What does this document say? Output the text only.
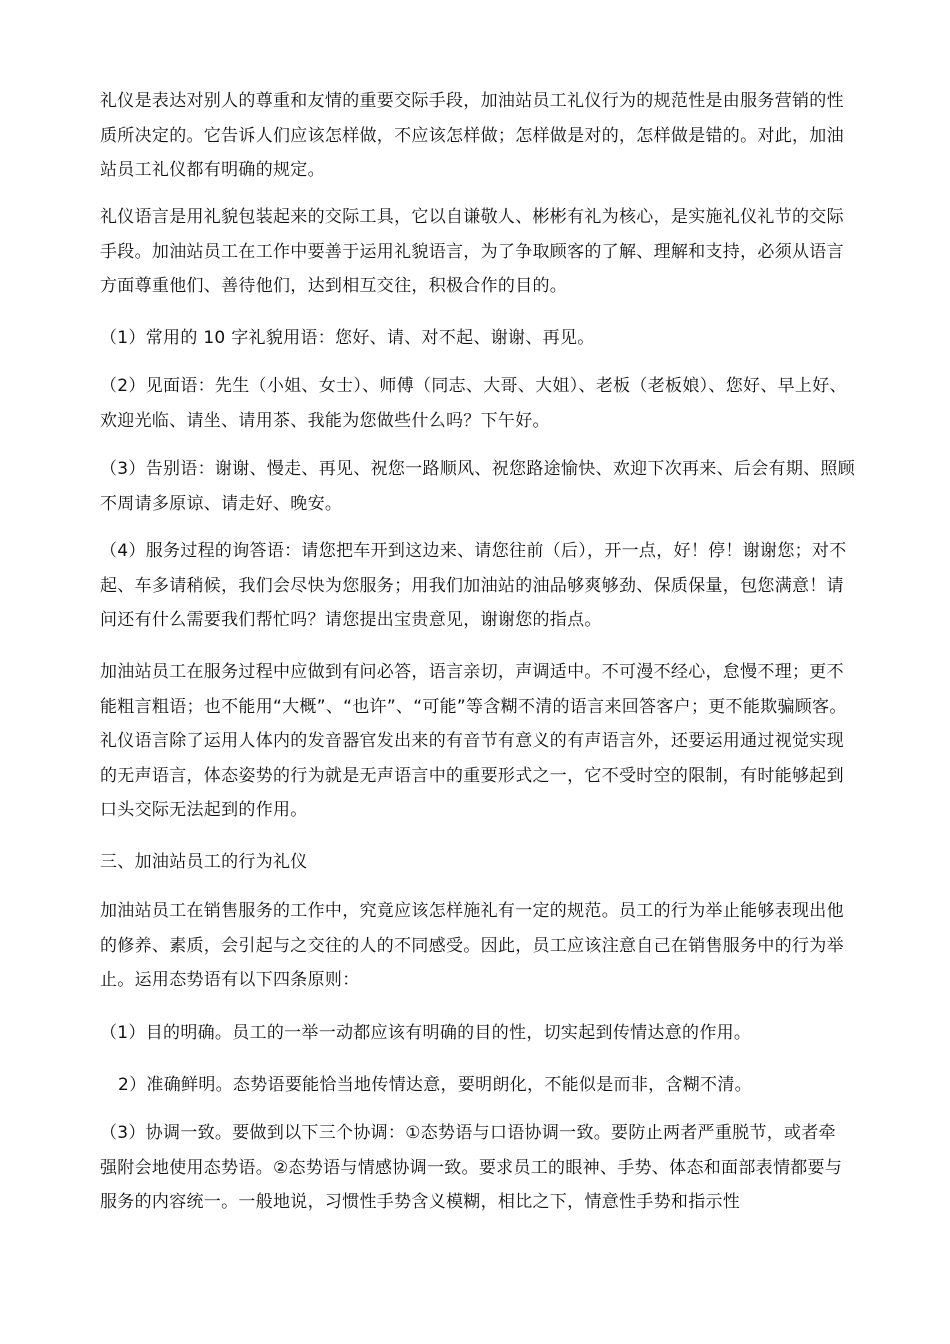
礼仪是表达对别人的尊重和友情的重要交际手段，加油站员工礼仪行为的规范性是由服务营销的性质所决定的。它告诉人们应该怎样做，不应该怎样做；怎样做是对的，怎样做是错的。对此，加油站员工礼仪都有明确的规定。

礼仪语言是用礼貌包装起来的交际工具，它以自谦敬人、彬彬有礼为核心，是实施礼仪礼节的交际手段。加油站员工在工作中要善于运用礼貌语言，为了争取顾客的了解、理解和支持，必须从语言方面尊重他们、善待他们，达到相互交往，积极合作的目的。

（1）常用的 10 字礼貌用语：您好、请、对不起、谢谢、再见。

（2）见面语：先生（小姐、女士）、师傅（同志、大哥、大姐）、老板（老板娘）、您好、早上好、欢迎光临、请坐、请用茶、我能为您做些什么吗？下午好。

（3）告别语：谢谢、慢走、再见、祝您一路顺风、祝您路途愉快、欢迎下次再来、后会有期、照顾不周请多原谅、请走好、晚安。

（4）服务过程的询答语：请您把车开到这边来、请您往前（后），开一点，好！停！谢谢您；对不起、车多请稍候，我们会尽快为您服务；用我们加油站的油品够爽够劲、保质保量，包您满意！请问还有什么需要我们帮忙吗？请您提出宝贵意见，谢谢您的指点。

加油站员工在服务过程中应做到有问必答，语言亲切，声调适中。不可漫不经心，怠慢不理；更不能粗言粗语；也不能用“大概”、“也许”、“可能”等含糊不清的语言来回答客户；更不能欺骗顾客。礼仪语言除了运用人体内的发音器官发出来的有音节有意义的有声语言外，还要运用通过视觉实现的无声语言，体态姿势的行为就是无声语言中的重要形式之一，它不受时空的限制，有时能够起到口头交际无法起到的作用。

三、加油站员工的行为礼仪

加油站员工在销售服务的工作中，究竟应该怎样施礼有一定的规范。员工的行为举止能够表现出他的修养、素质，会引起与之交往的人的不同感受。因此，员工应该注意自己在销售服务中的行为举止。运用态势语有以下四条原则：

（1）目的明确。员工的一举一动都应该有明确的目的性，切实起到传情达意的作用。

2）准确鲜明。态势语要能恰当地传情达意，要明朗化，不能似是而非，含糊不清。

（3）协调一致。要做到以下三个协调：①态势语与口语协调一致。要防止两者严重脱节，或者牵强附会地使用态势语。②态势语与情感协调一致。要求员工的眼神、手势、体态和面部表情都要与服务的内容统一。一般地说，习惯性手势含义模糊，相比之下，情意性手势和指示性
